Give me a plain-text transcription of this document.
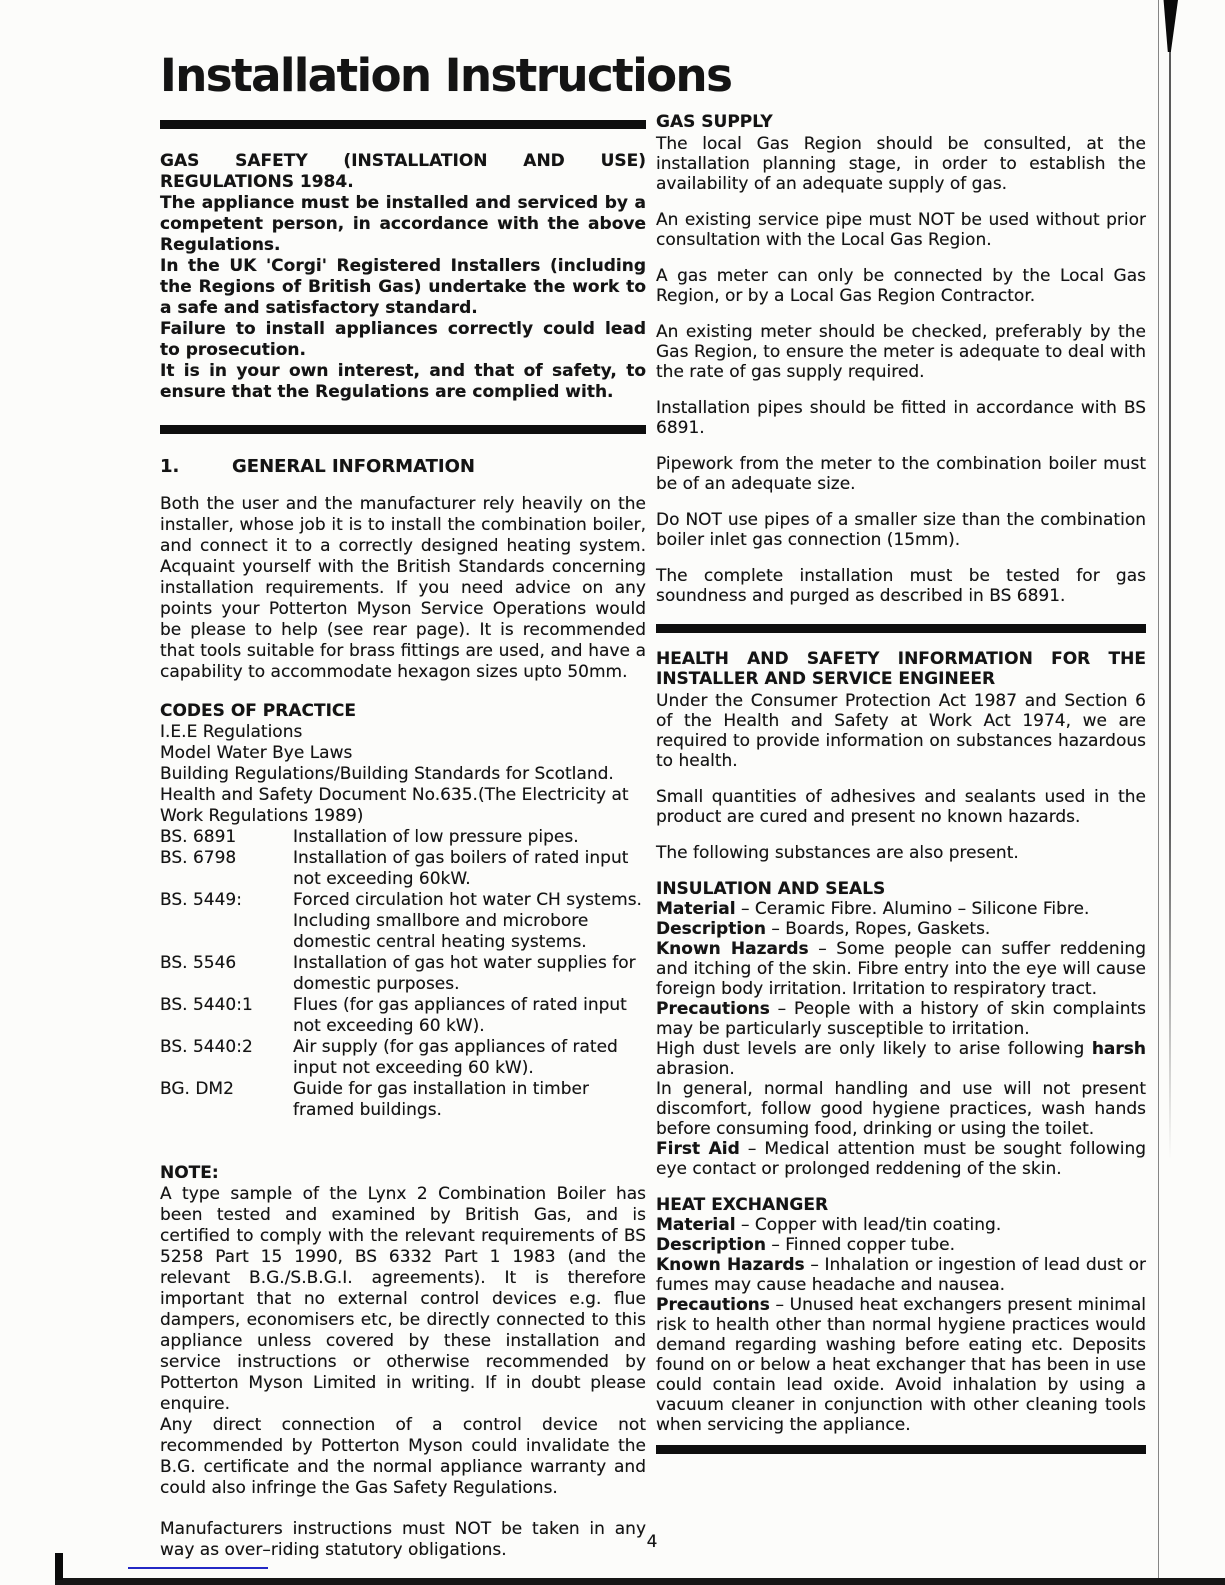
Installation Instructions
GAS SAFETY (INSTALLATION AND USE)
REGULATIONS 1984.

The appliance must be installed and serviced by a competent person, in accordance with the above Regulations.

In the UK 'Corgi' Registered Installers (including the Regions of British Gas) undertake the work to a safe and satisfactory standard.

Failure to install appliances correctly could lead to prosecution.

It is in your own interest, and that of safety, to ensure that the Regulations are complied with.

1.	GENERAL INFORMATION

Both the user and the manufacturer rely heavily on the installer, whose job it is to install the combination boiler, and connect it to a correctly designed heating system. Acquaint yourself with the British Standards concerning installation requirements. If you need advice on any points your Potterton Myson Service Operations would be please to help (see rear page). It is recommended that tools suitable for brass fittings are used, and have a capability to accommodate hexagon sizes upto 50mm.

CODES OF PRACTICE
I.E.E Regulations
Model Water Bye Laws
Building Regulations/Building Standards for Scotland.
Health and Safety Document No.635.(The Electricity at Work Regulations 1989)
BS. 6891	Installation of low pressure pipes.
BS. 6798	Installation of gas boilers of rated input not exceeding 60kW.
BS. 5449:	Forced circulation hot water CH systems. Including smallbore and microbore domestic central heating systems.
BS. 5546	Installation of gas hot water supplies for domestic purposes.
BS. 5440:1	Flues (for gas appliances of rated input not exceeding 60 kW).
BS. 5440:2	Air supply (for gas appliances of rated input not exceeding 60 kW).
BG. DM2	Guide for gas installation in timber framed buildings.
NOTE:

A type sample of the Lynx 2 Combination Boiler has been tested and examined by British Gas, and is certified to comply with the relevant requirements of BS 5258 Part 15 1990, BS 6332 Part 1 1983 (and the relevant B.G./S.B.G.I. agreements). It is therefore important that no external control devices e.g. flue dampers, economisers etc, be directly connected to this appliance unless covered by these installation and service instructions or otherwise recommended by Potterton Myson Limited in writing. If in doubt please enquire.

Any direct connection of a control device not recommended by Potterton Myson could invalidate the B.G. certificate and the normal appliance warranty and could also infringe the Gas Safety Regulations.

Manufacturers instructions must NOT be taken in any way as over–riding statutory obligations.

GAS SUPPLY

The local Gas Region should be consulted, at the installation planning stage, in order to establish the availability of an adequate supply of gas.

An existing service pipe must NOT be used without prior consultation with the Local Gas Region.

A gas meter can only be connected by the Local Gas Region, or by a Local Gas Region Contractor.

An existing meter should be checked, preferably by the Gas Region, to ensure the meter is adequate to deal with the rate of gas supply required.

Installation pipes should be fitted in accordance with BS 6891.

Pipework from the meter to the combination boiler must be of an adequate size.

Do NOT use pipes of a smaller size than the combination boiler inlet gas connection (15mm).

The complete installation must be tested for gas soundness and purged as described in BS 6891.

HEALTH AND SAFETY INFORMATION FOR THE INSTALLER AND SERVICE ENGINEER

Under the Consumer Protection Act 1987 and Section 6 of the Health and Safety at Work Act 1974, we are required to provide information on substances hazardous to health.

Small quantities of adhesives and sealants used in the product are cured and present no known hazards.

The following substances are also present.

INSULATION AND SEALS

Material – Ceramic Fibre. Alumino – Silicone Fibre.

Description – Boards, Ropes, Gaskets.

Known Hazards – Some people can suffer reddening and itching of the skin. Fibre entry into the eye will cause foreign body irritation. Irritation to respiratory tract.

Precautions – People with a history of skin complaints may be particularly susceptible to irritation.

High dust levels are only likely to arise following harsh abrasion.

In general, normal handling and use will not present discomfort, follow good hygiene practices, wash hands before consuming food, drinking or using the toilet.

First Aid – Medical attention must be sought following eye contact or prolonged reddening of the skin.

HEAT EXCHANGER

Material – Copper with lead/tin coating.

Description – Finned copper tube.

Known Hazards – Inhalation or ingestion of lead dust or fumes may cause headache and nausea.

Precautions – Unused heat exchangers present minimal risk to health other than normal hygiene practices would demand regarding washing before eating etc. Deposits found on or below a heat exchanger that has been in use could contain lead oxide. Avoid inhalation by using a vacuum cleaner in conjunction with other cleaning tools when servicing the appliance.

4
